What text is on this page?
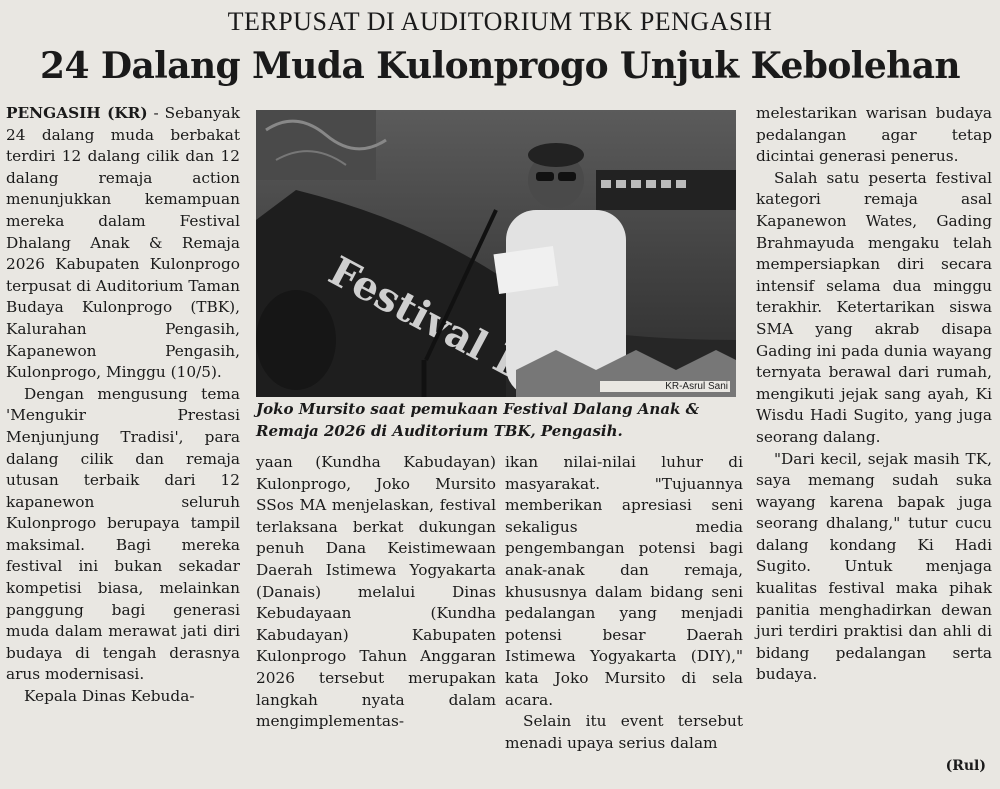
TERPUSAT DI AUDITORIUM TBK PENGASIH
24 Dalang Muda Kulonprogo Unjuk Kebolehan

PENGASIH (KR) - Sebanyak 24 dalang muda berbakat terdiri 12 dalang cilik dan 12 dalang remaja action menunjukkan kemampuan mereka dalam Festival Dhalang Anak & Remaja 2026 Kabupaten Kulonprogo terpusat di Auditorium Taman Budaya Kulonprogo (TBK), Kalurahan Pengasih, Kapanewon Pengasih, Kulonprogo, Minggu (10/5).

Dengan mengusung tema 'Mengukir Prestasi Menjunjung Tradisi', para dalang cilik dan remaja utusan terbaik dari 12 kapanewon seluruh Kulonprogo berupaya tampil maksimal. Bagi mereka festival ini bukan sekadar kompetisi biasa, melainkan panggung bagi generasi muda dalam merawat jati diri budaya di tengah derasnya arus modernisasi.

Kepala Dinas Kebuda-

Festival
KR-Asrul Sani
Joko Mursito saat pemukaan Festival Dalang Anak & Remaja 2026 di Auditorium TBK, Pengasih.

yaan (Kundha Kabudayan) Kulonprogo, Joko Mursito SSos MA menjelaskan, festival terlaksana berkat dukungan penuh Dana Keistimewaan Daerah Istimewa Yogyakarta (Danais) melalui Dinas Kebudayaan (Kundha Kabudayan) Kabupaten Kulonprogo Tahun Anggaran 2026 tersebut merupakan langkah nyata dalam mengimplementas-

ikan nilai-nilai luhur di masyarakat. "Tujuannya memberikan apresiasi seni sekaligus media pengembangan potensi bagi anak-anak dan remaja, khususnya dalam bidang seni pedalangan yang menjadi potensi besar Daerah Istimewa Yogyakarta (DIY)," kata Joko Mursito di sela acara.

Selain itu event tersebut menadi upaya serius dalam

melestarikan warisan budaya pedalangan agar tetap dicintai generasi penerus.

Salah satu peserta festival kategori remaja asal Kapanewon Wates, Gading Brahmayuda mengaku telah mempersiapkan diri secara intensif selama dua minggu terakhir. Ketertarikan siswa SMA yang akrab disapa Gading ini pada dunia wayang ternyata berawal dari rumah, mengikuti jejak sang ayah, Ki Wisdu Hadi Sugito, yang juga seorang dalang.

"Dari kecil, sejak masih TK, saya memang sudah suka wayang karena bapak juga seorang dhalang," tutur cucu dalang kondang Ki Hadi Sugito. Untuk menjaga kualitas festival maka pihak panitia menghadirkan dewan juri terdiri praktisi dan ahli di bidang pedalangan serta budaya.

(Rul)
